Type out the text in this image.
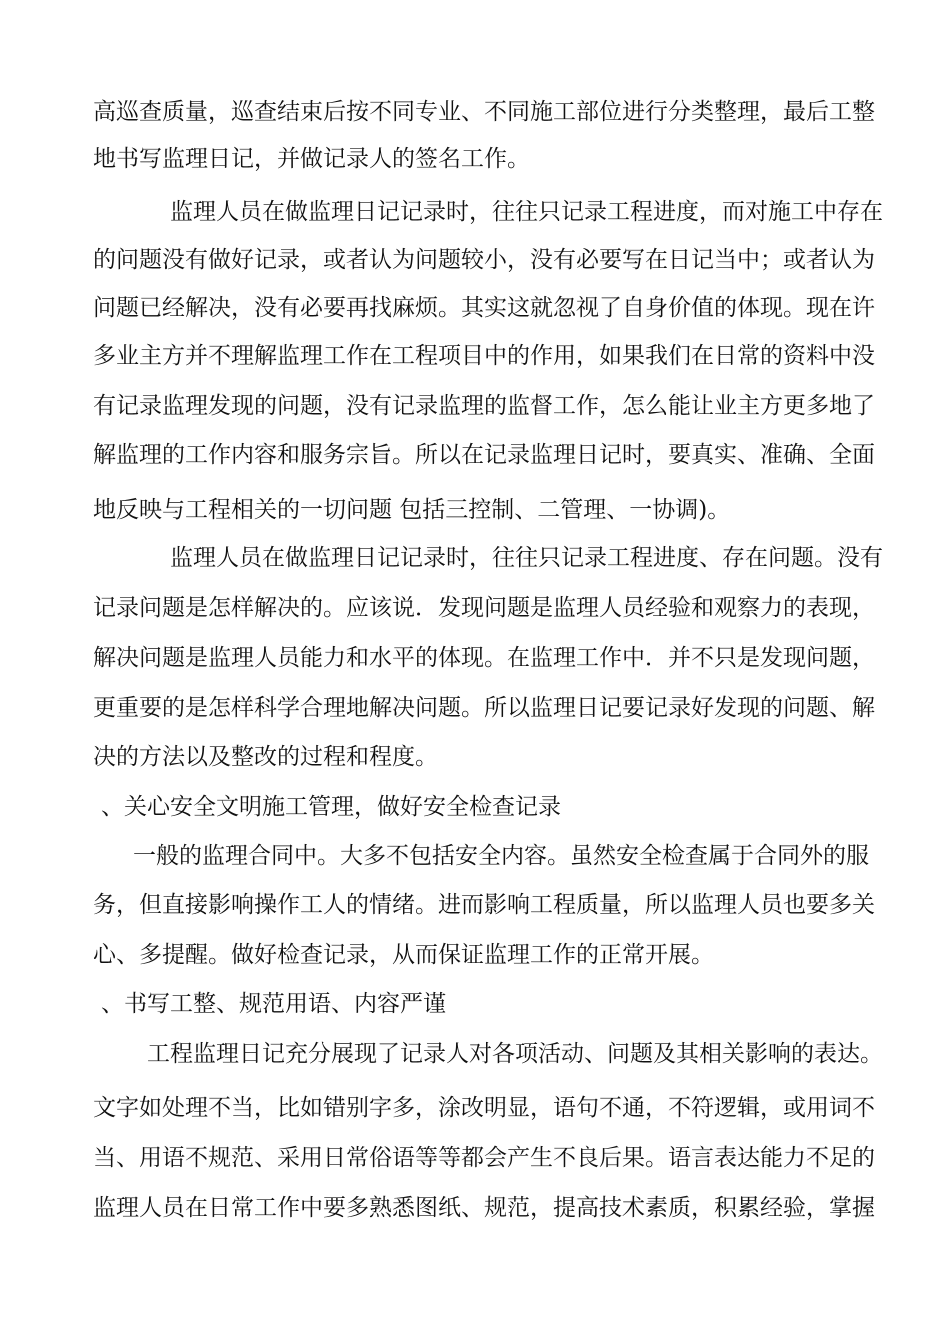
高巡查质量，巡查结束后按不同专业、不同施工部位进行分类整理，最后工整
地书写监理日记，并做记录人的签名工作。
监理人员在做监理日记记录时，往往只记录工程进度，而对施工中存在
的问题没有做好记录，或者认为问题较小，没有必要写在日记当中；或者认为
问题已经解决，没有必要再找麻烦。其实这就忽视了自身价值的体现。现在许
多业主方并不理解监理工作在工程项目中的作用，如果我们在日常的资料中没
有记录监理发现的问题，没有记录监理的监督工作，怎么能让业主方更多地了
解监理的工作内容和服务宗旨。所以在记录监理日记时，要真实、准确、全面
地反映与工程相关的一切问题 包括三控制、二管理、一协调)。
监理人员在做监理日记记录时，往往只记录工程进度、存在问题。没有
记录问题是怎样解决的。应该说．发现问题是监理人员经验和观察力的表现，
解决问题是监理人员能力和水平的体现。在监理工作中．并不只是发现问题，
更重要的是怎样科学合理地解决问题。所以监理日记要记录好发现的问题、解
决的方法以及整改的过程和程度。
、关心安全文明施工管理，做好安全检查记录
一般的监理合同中。大多不包括安全内容。虽然安全检查属于合同外的服
务，但直接影响操作工人的情绪。进而影响工程质量，所以监理人员也要多关
心、多提醒。做好检查记录，从而保证监理工作的正常开展。
、书写工整、规范用语、内容严谨
工程监理日记充分展现了记录人对各项活动、问题及其相关影响的表达。
文字如处理不当，比如错别字多，涂改明显，语句不通，不符逻辑，或用词不
当、用语不规范、采用日常俗语等等都会产生不良后果。语言表达能力不足的
监理人员在日常工作中要多熟悉图纸、规范，提高技术素质，积累经验，掌握
